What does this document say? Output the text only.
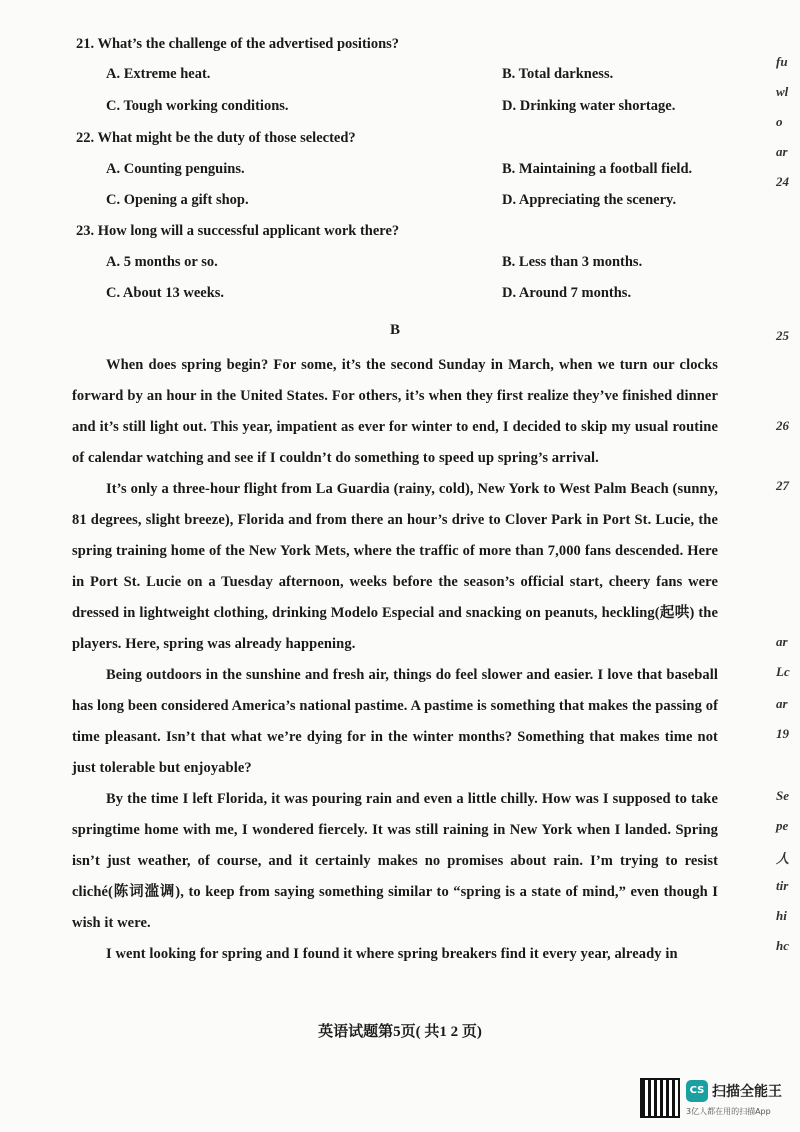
21. What’s the challenge of the advertised positions?
A. Extreme heat.	B. Total darkness.
C. Tough working conditions.	D. Drinking water shortage.
22. What might be the duty of those selected?
A. Counting penguins.	B. Maintaining a football field.
C. Opening a gift shop.	D. Appreciating the scenery.
23. How long will a successful applicant work there?
A. 5 months or so.	B. Less than 3 months.
C. About 13 weeks.	D. Around 7 months.
B

When does spring begin? For some, it’s the second Sunday in March, when we turn our clocks forward by an hour in the United States. For others, it’s when they first realize they’ve finished dinner and it’s still light out. This year, impatient as ever for winter to end, I decided to skip my usual routine of calendar watching and see if I couldn’t do something to speed up spring’s arrival.

It’s only a three-hour flight from La Guardia (rainy, cold), New York to West Palm Beach (sunny, 81 degrees, slight breeze), Florida and from there an hour’s drive to Clover Park in Port St. Lucie, the spring training home of the New York Mets, where the traffic of more than 7,000 fans descended. Here in Port St. Lucie on a Tuesday afternoon, weeks before the season’s official start, cheery fans were dressed in lightweight clothing, drinking Modelo Especial and snacking on peanuts, heckling(起哄) the players. Here, spring was already happening.

Being outdoors in the sunshine and fresh air, things do feel slower and easier. I love that baseball has long been considered America’s national pastime. A pastime is something that makes the passing of time pleasant. Isn’t that what we’re dying for in the winter months? Something that makes time not just tolerable but enjoyable?

By the time I left Florida, it was pouring rain and even a little chilly. How was I supposed to take springtime home with me, I wondered fiercely. It was still raining in New York when I landed. Spring isn’t just weather, of course, and it certainly makes no promises about rain. I’m trying to resist cliché(陈词滥调), to keep from saying something similar to “spring is a state of mind,” even though I wish it were.

I went looking for spring and I found it where spring breakers find it every year, already in

英语试题第5页( 共1 2 页)
fu
wl
o
ar
24
25
26
27
ar
Lc
ar
19
Se
pe
人
tir
hi
hc
CS 扫描全能王
3亿人都在用的扫描App
